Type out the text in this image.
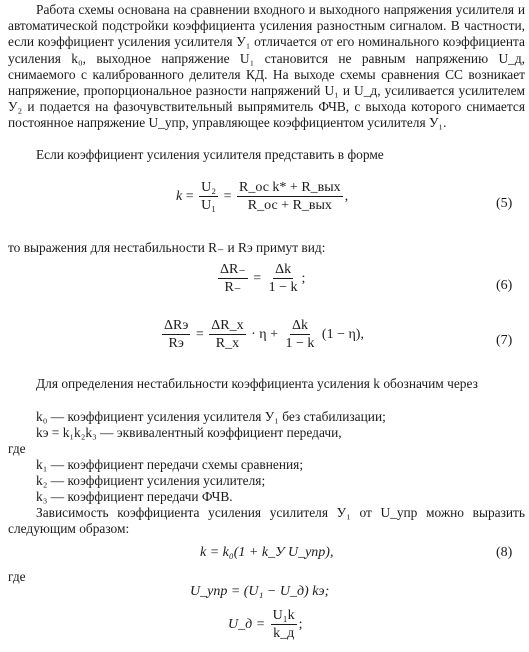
Работа схемы основана на сравнении входного и выходного напряжения усилителя и автоматической подстройки коэффициента усиления разностным сигналом. В частности, если коэффициент усиления усилителя У₁ отличается от его номинального коэффициента усиления k₀, выходное напряжение U₁ становится не равным напряжению U_д, снимаемого с калиброванного делителя КД. На выходе схемы сравнения СС возникает напряжение, пропорциональное разности напряжений U₁ и U_д, усиливается усилителем У₂ и подается на фазочувствительный выпрямитель ФЧВ, с выхода которого снимается постоянное напряжение U_упр, управляющее коэффициентом усилителя У₁.

Если коэффициент усиления усилителя представить в форме

$k = \frac{\text{U₂}}{\text{U₁}} = \frac{\text{R\_ос k* + R\_вых}}{\text{R\_ос + R\_вых}}$ ,	(5)

то выражения для нестабильности R₋ и Rэ примут вид:

$\frac{\Delta R_-}{R_-} = \frac{\Delta k}{1 - k}$ ;	(6)
$\frac{\text{ΔRэ}}{Rэ} = \frac{\Delta R\_x}{R\_x}$
· η +
$\frac{\Delta k}{1 - k}$
(1 − η),	(7)

Для определения нестабильности коэффициента усиления k обозначим через

k₀ — коэффициент усиления усилителя У₁ без стабилизации;
kэ = k₁k₂k₃ — эквивалентный коэффициент передачи,
где
k₁ — коэффициент передачи схемы сравнения;
k₂ — коэффициент усиления усилителя;
k₃ — коэффициент передачи ФЧВ.

Зависимость коэффициента усиления усилителя У₁ от U_упр можно выразить следующим образом:

k = k₀(1 + k_У U_упр),	(8)
где
U_упр = (U₁ − U_д) kэ;
U_д =
$\frac{\text{U₁k}}{k\_д}$ ;
